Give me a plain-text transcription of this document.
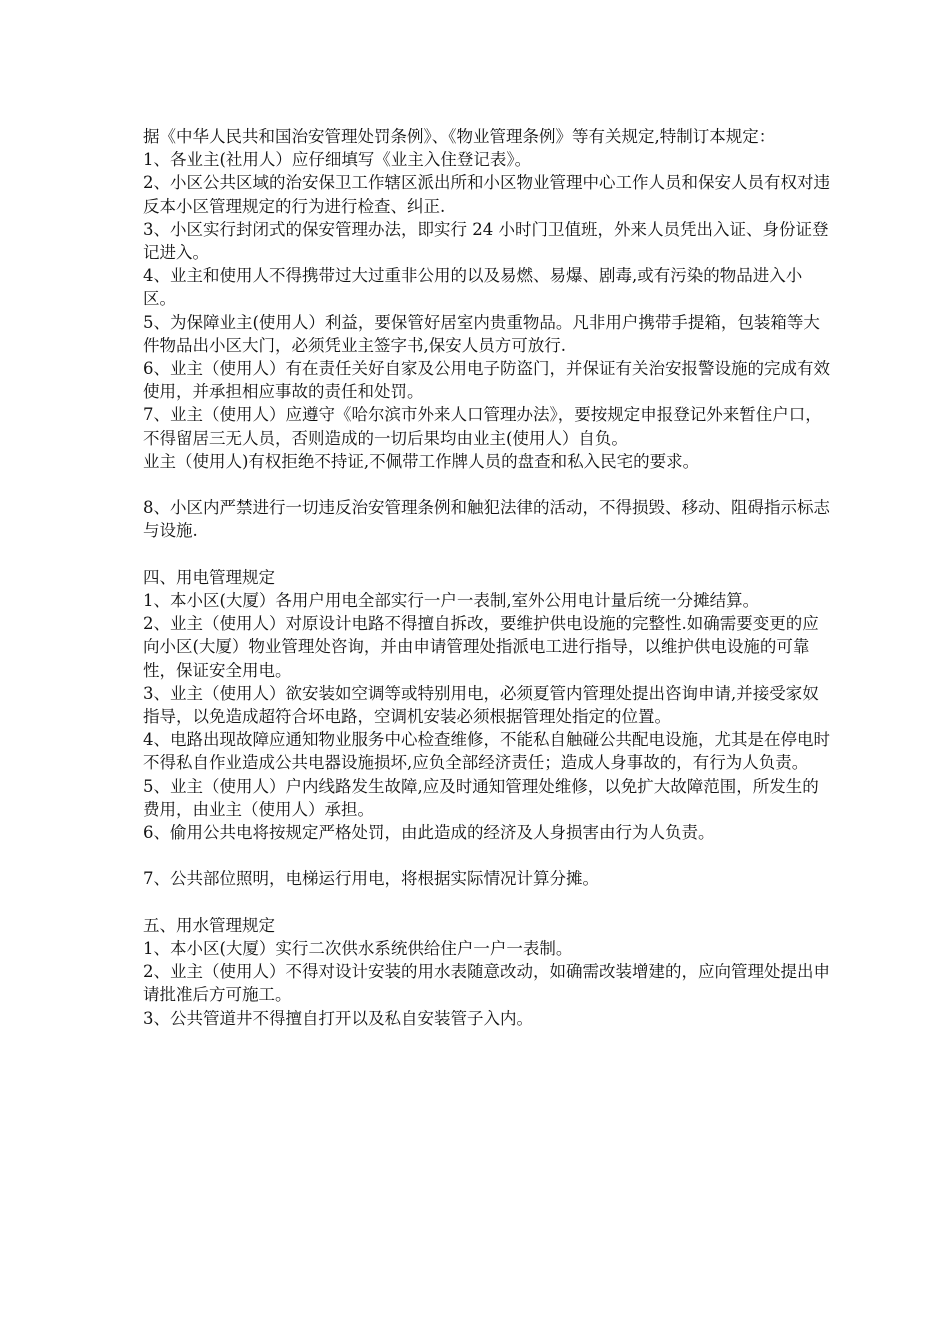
据《中华人民共和国治安管理处罚条例》、《物业管理条例》等有关规定,特制订本规定：

1、各业主(社用人）应仔细填写《业主入住登记表》。

2、小区公共区域的治安保卫工作辖区派出所和小区物业管理中心工作人员和保安人员有权对违反本小区管理规定的行为进行检查、纠正.

3、小区实行封闭式的保安管理办法，即实行 24 小时门卫值班，外来人员凭出入证、身份证登记进入。

4、业主和使用人不得携带过大过重非公用的以及易燃、易爆、剧毒,或有污染的物品进入小区。

5、为保障业主(使用人）利益，要保管好居室内贵重物品。凡非用户携带手提箱，包装箱等大件物品出小区大门，必须凭业主签字书,保安人员方可放行.

6、业主（使用人）有在责任关好自家及公用电子防盗门，并保证有关治安报警设施的完成有效使用，并承担相应事故的责任和处罚。

7、业主（使用人）应遵守《哈尔滨市外来人口管理办法》，要按规定申报登记外来暂住户口，不得留居三无人员，否则造成的一切后果均由业主(使用人）自负。

业主（使用人)有权拒绝不持证,不佩带工作牌人员的盘查和私入民宅的要求。

8、小区内严禁进行一切违反治安管理条例和触犯法律的活动，不得损毁、移动、阻碍指示标志与设施.

四、用电管理规定

1、本小区(大厦）各用户用电全部实行一户一表制,室外公用电计量后统一分摊结算。

2、业主（使用人）对原设计电路不得擅自拆改，要维护供电设施的完整性.如确需要变更的应向小区(大厦）物业管理处咨询，并由申请管理处指派电工进行指导，以维护供电设施的可靠性，保证安全用电。

3、业主（使用人）欲安装如空调等或特别用电，必须夏管内管理处提出咨询申请,并接受家奴指导，以免造成超符合坏电路，空调机安装必须根据管理处指定的位置。

4、电路出现故障应通知物业服务中心检查维修，不能私自触碰公共配电设施，尤其是在停电时不得私自作业造成公共电器设施损坏,应负全部经济责任；造成人身事故的，有行为人负责。

5、业主（使用人）户内线路发生故障,应及时通知管理处维修，以免扩大故障范围，所发生的费用，由业主（使用人）承担。

6、偷用公共电将按规定严格处罚，由此造成的经济及人身损害由行为人负责。

7、公共部位照明，电梯运行用电，将根据实际情况计算分摊。

五、用水管理规定

1、本小区(大厦）实行二次供水系统供给住户一户一表制。

2、业主（使用人）不得对设计安装的用水表随意改动，如确需改装增建的，应向管理处提出申请批准后方可施工。

3、公共管道井不得擅自打开以及私自安装管子入内。
